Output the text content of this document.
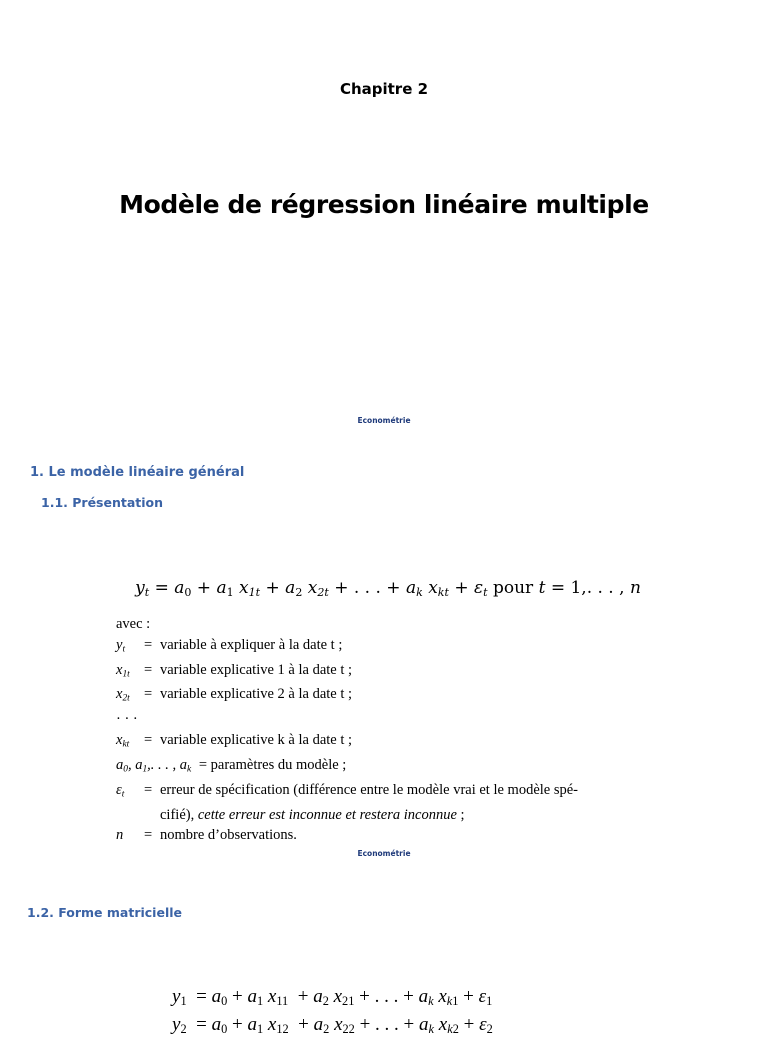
Chapitre 2
Modèle de régression linéaire multiple
Econométrie
1. Le modèle linéaire général
1.1. Présentation
$y_t = a_0 + a_1$ $x_{1t} + a_2$ $x_{2t}$ + . . . + $a_k$ $x_{kt} + \varepsilon_t$ pour t = 1,. . . , n
avec :
$y_t$ = variable à expliquer à la date t ;
$x_{1t}$ = variable explicative 1 à la date t ;
$x_{2t}$ = variable explicative 2 à la date t ;
· · ·
$x_{kt}$ = variable explicative k à la date t ;
$a_0$, $a_1$,. . . , $a_k$ = paramètres du modèle ;
$\varepsilon_t$ = erreur de spécification (différence entre le modèle vrai et le modèle spé-
cifié), cette erreur est inconnue et restera inconnue ;
n = nombre d’observations.
Econométrie
1.2. Forme matricielle
$y_1 = a_0 + a_1$ $x_{11} + a_2$ $x_{21}$ + . . . + $a_k$ $x_{k1} + \varepsilon_1$
$y_2 = a_0 + a_1$ $x_{12} + a_2$ $x_{22}$ + . . . + $a_k$ $x_{k2} + \varepsilon_2$
